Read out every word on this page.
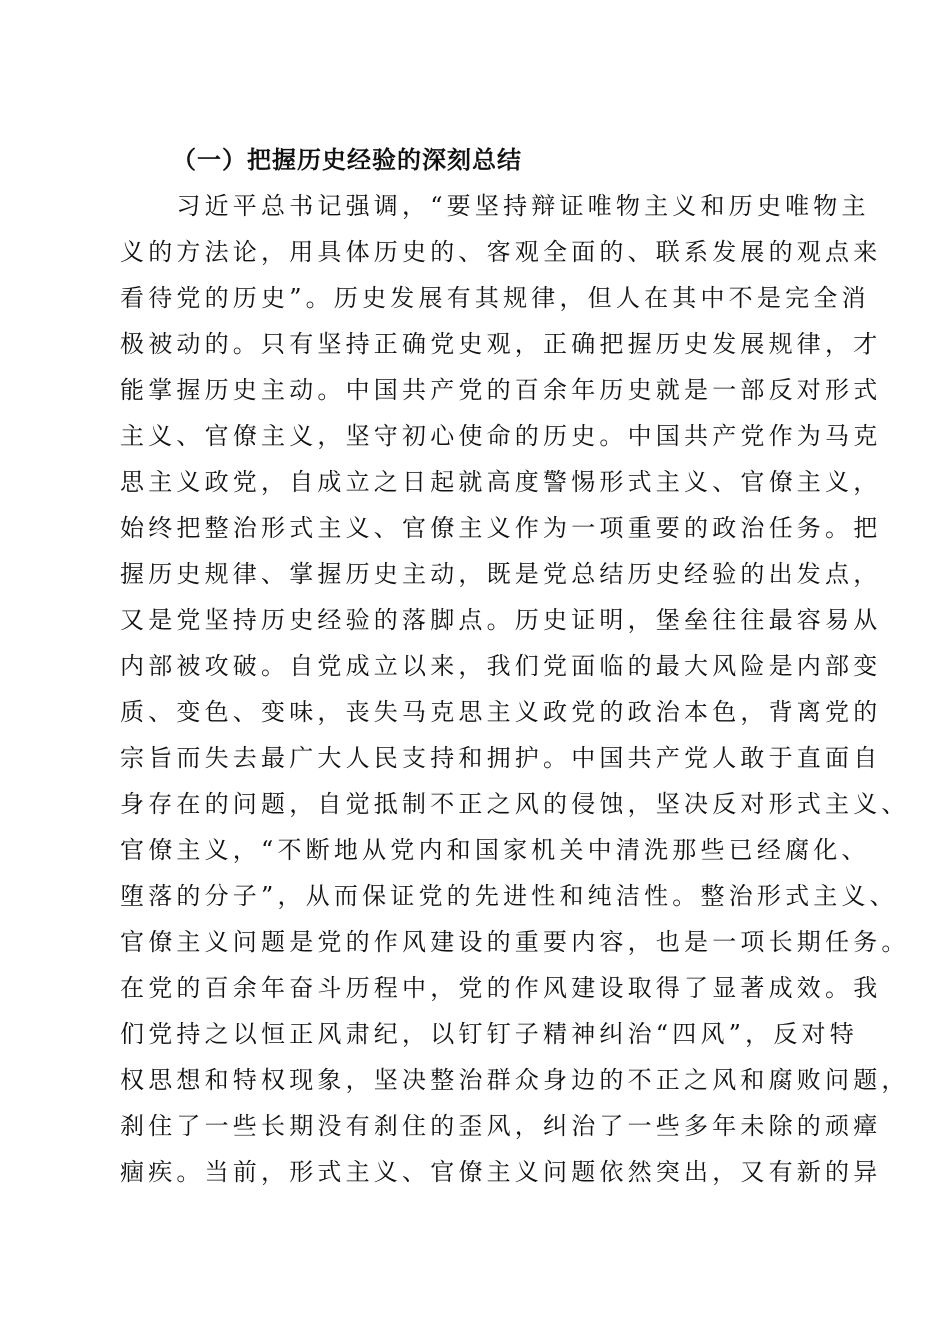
（一）把握历史经验的深刻总结
　　习近平总书记强调，“要坚持辩证唯物主义和历史唯物主
义的方法论，用具体历史的、客观全面的、联系发展的观点来
看待党的历史”。历史发展有其规律，但人在其中不是完全消
极被动的。只有坚持正确党史观，正确把握历史发展规律，才
能掌握历史主动。中国共产党的百余年历史就是一部反对形式
主义、官僚主义，坚守初心使命的历史。中国共产党作为马克
思主义政党，自成立之日起就高度警惕形式主义、官僚主义，
始终把整治形式主义、官僚主义作为一项重要的政治任务。把
握历史规律、掌握历史主动，既是党总结历史经验的出发点，
又是党坚持历史经验的落脚点。历史证明，堡垒往往最容易从
内部被攻破。自党成立以来，我们党面临的最大风险是内部变
质、变色、变味，丧失马克思主义政党的政治本色，背离党的
宗旨而失去最广大人民支持和拥护。中国共产党人敢于直面自
身存在的问题，自觉抵制不正之风的侵蚀，坚决反对形式主义、
官僚主义，“不断地从党内和国家机关中清洗那些已经腐化、
堕落的分子”，从而保证党的先进性和纯洁性。整治形式主义、
官僚主义问题是党的作风建设的重要内容，也是一项长期任务。
在党的百余年奋斗历程中，党的作风建设取得了显著成效。我
们党持之以恒正风肃纪，以钉钉子精神纠治“四风”，反对特
权思想和特权现象，坚决整治群众身边的不正之风和腐败问题，
刹住了一些长期没有刹住的歪风，纠治了一些多年未除的顽瘴
痼疾。当前，形式主义、官僚主义问题依然突出，又有新的异
